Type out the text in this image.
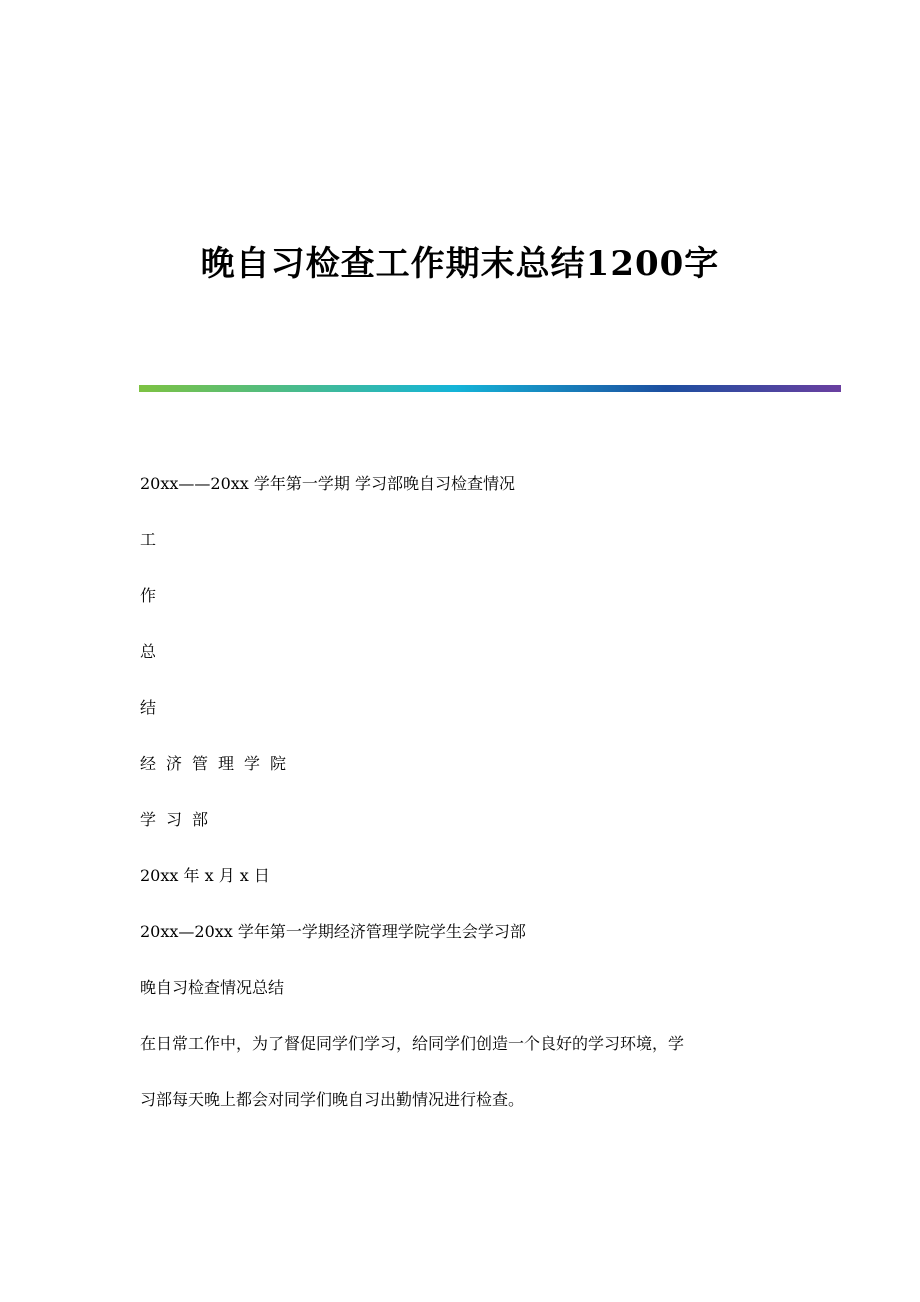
晚自习检查工作期末总结1200字
20xx——20xx 学年第一学期 学习部晚自习检查情况
工
作
总
结
经济管理学院
学习部
20xx 年 x 月 x 日
20xx—20xx 学年第一学期经济管理学院学生会学习部
晚自习检查情况总结
在日常工作中，为了督促同学们学习，给同学们创造一个良好的学习环境，学
习部每天晚上都会对同学们晚自习出勤情况进行检查。
